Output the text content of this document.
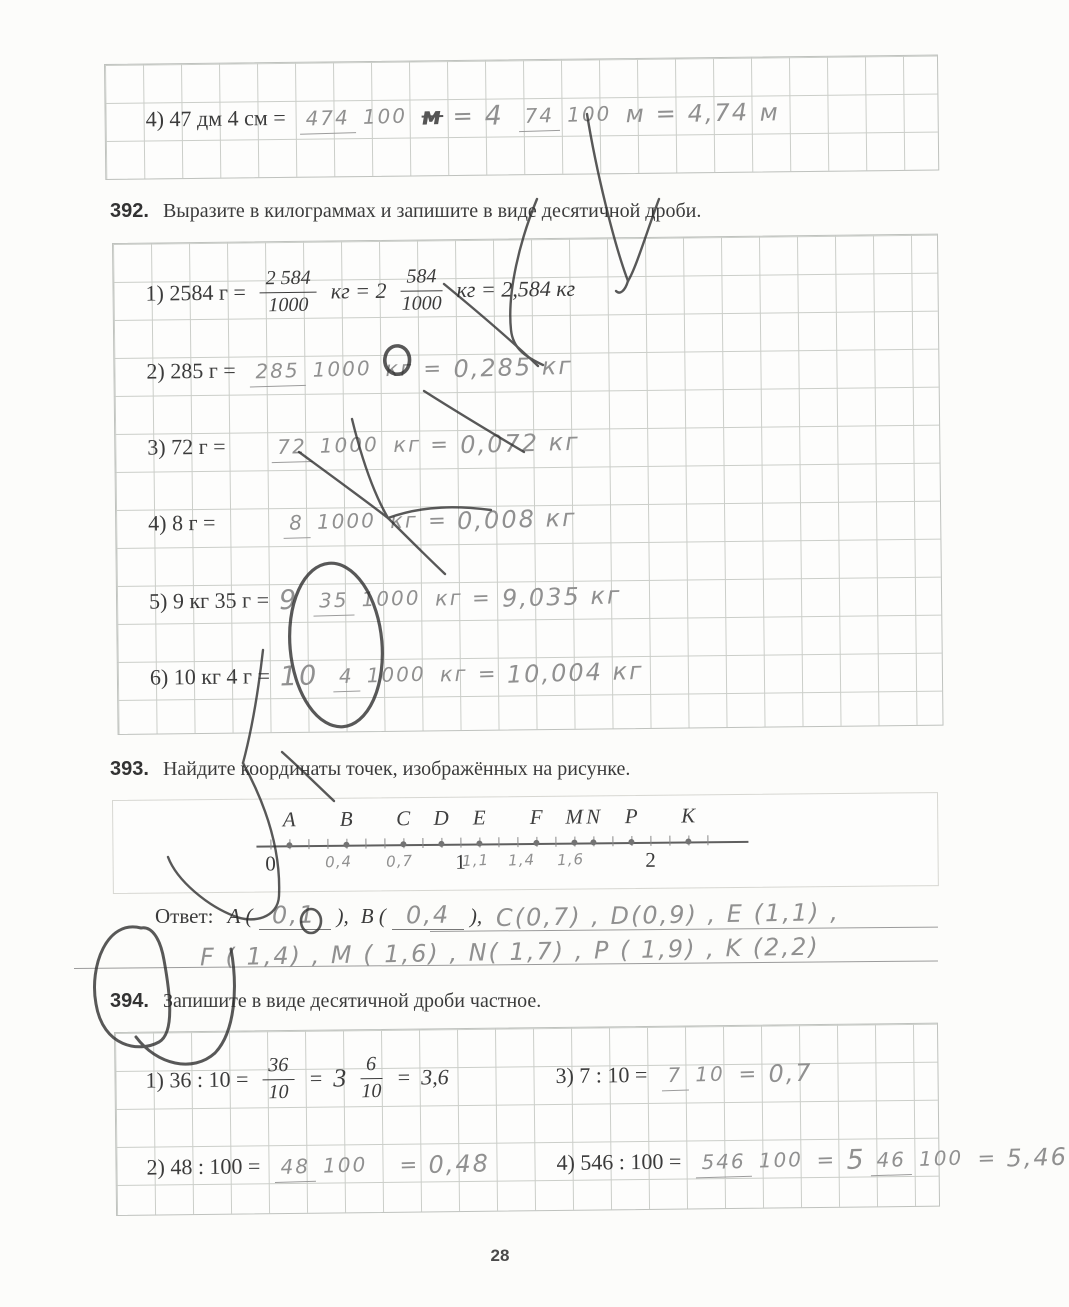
4) 47 дм 4 см = 474 100 м = 4 74 100 м = 4,74 м
392. Выразите в килограммах и запишите в виде десятичной дроби.
1) 2584 $г = \frac{2 584}{1000}$ кг = $2 \frac{584}{1000}$ кг = 2,584 кг
2) 285 г = 285 1000 кг = 0,285 кг
3) 72 г =	72 1000 кг = 0,072 кг
4) 8 г =	8 1000 кг = 0,008 кг
5) 9 кг 35 г = 9 35 1000 кг = 9,035 кг
6) 10 кг 4 г = 10 4 1000 кг = 10,004 кг
393. Найдите координаты точек, изображённых на рисунке.
0	1	2
A B C D E F M N P K
0,4 0,7	1,1 1,4 1,6
Ответ: А ( 0,1 ), В ( 0,4 ), C(0,7) , D(0,9) , E (1,1) ,
F ( 1,4) , M ( 1,6) , N( 1,7) , P ( 1,9) , K (2,2)
394. Запишите в виде десятичной дроби частное.
1) 36 : $10 = \frac{36}{10} = 3 \frac{6}{10} = 3,6$	3) 7 : 10 = 7 10 = 0,7
2) 48 : 100 = 48 100 = 0,48	4) 546 : 100 = 546 100 = 5 46 100 = 5,46
28
